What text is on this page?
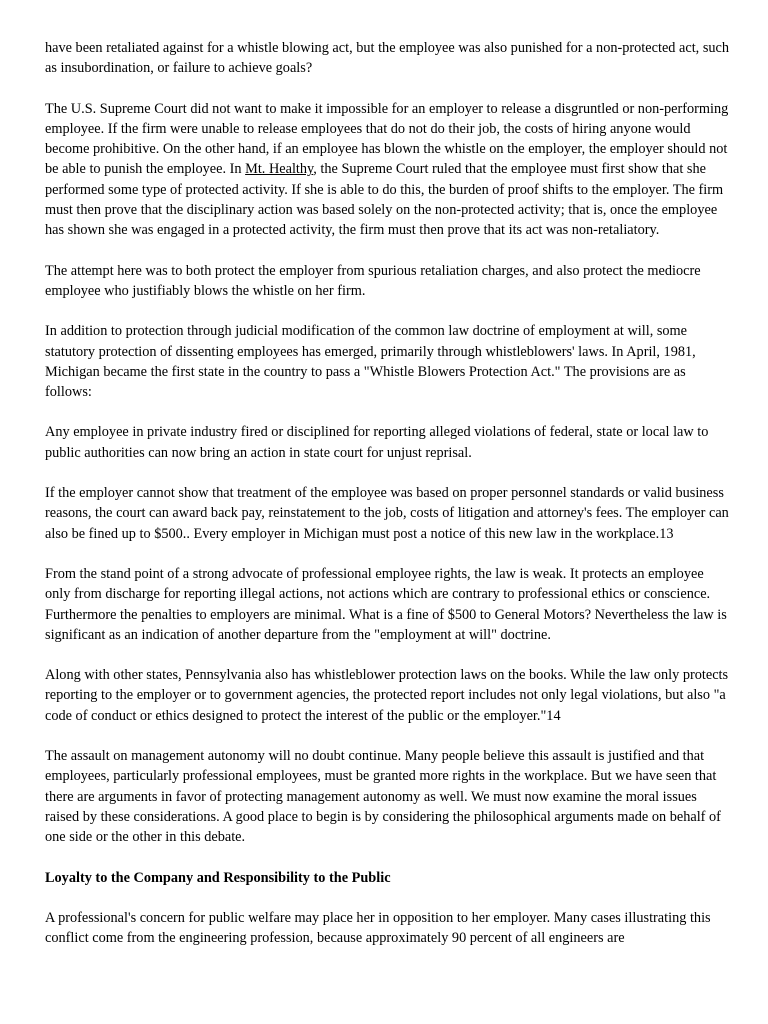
have been retaliated against for a whistle blowing act, but the employee was also punished for a non-protected act, such as insubordination, or failure to achieve goals?

The U.S. Supreme Court did not want to make it impossible for an employer to release a disgruntled or non-performing employee. If the firm were unable to release employees that do not do their job, the costs of hiring anyone would become prohibitive. On the other hand, if an employee has blown the whistle on the employer, the employer should not be able to punish the employee. In Mt. Healthy, the Supreme Court ruled that the employee must first show that she performed some type of protected activity. If she is able to do this, the burden of proof shifts to the employer. The firm must then prove that the disciplinary action was based solely on the non-protected activity; that is, once the employee has shown she was engaged in a protected activity, the firm must then prove that its act was non-retaliatory.

The attempt here was to both protect the employer from spurious retaliation charges, and also protect the mediocre employee who justifiably blows the whistle on her firm.

In addition to protection through judicial modification of the common law doctrine of employment at will, some statutory protection of dissenting employees has emerged, primarily through whistleblowers' laws. In April, 1981, Michigan became the first state in the country to pass a "Whistle Blowers Protection Act." The provisions are as follows:

Any employee in private industry fired or disciplined for reporting alleged violations of federal, state or local law to public authorities can now bring an action in state court for unjust reprisal.

If the employer cannot show that treatment of the employee was based on proper personnel standards or valid business reasons, the court can award back pay, reinstatement to the job, costs of litigation and attorney's fees. The employer can also be fined up to $500.. Every employer in Michigan must post a notice of this new law in the workplace.13

From the stand point of a strong advocate of professional employee rights, the law is weak. It protects an employee only from discharge for reporting illegal actions, not actions which are contrary to professional ethics or conscience. Furthermore the penalties to employers are minimal. What is a fine of $500 to General Motors? Nevertheless the law is significant as an indication of another departure from the "employment at will" doctrine.

Along with other states, Pennsylvania also has whistleblower protection laws on the books. While the law only protects reporting to the employer or to government agencies, the protected report includes not only legal violations, but also "a code of conduct or ethics designed to protect the interest of the public or the employer."14

The assault on management autonomy will no doubt continue. Many people believe this assault is justified and that employees, particularly professional employees, must be granted more rights in the workplace. But we have seen that there are arguments in favor of protecting management autonomy as well. We must now examine the moral issues raised by these considerations. A good place to begin is by considering the philosophical arguments made on behalf of one side or the other in this debate.

Loyalty to the Company and Responsibility to the Public

A professional's concern for public welfare may place her in opposition to her employer. Many cases illustrating this conflict come from the engineering profession, because approximately 90 percent of all engineers are
